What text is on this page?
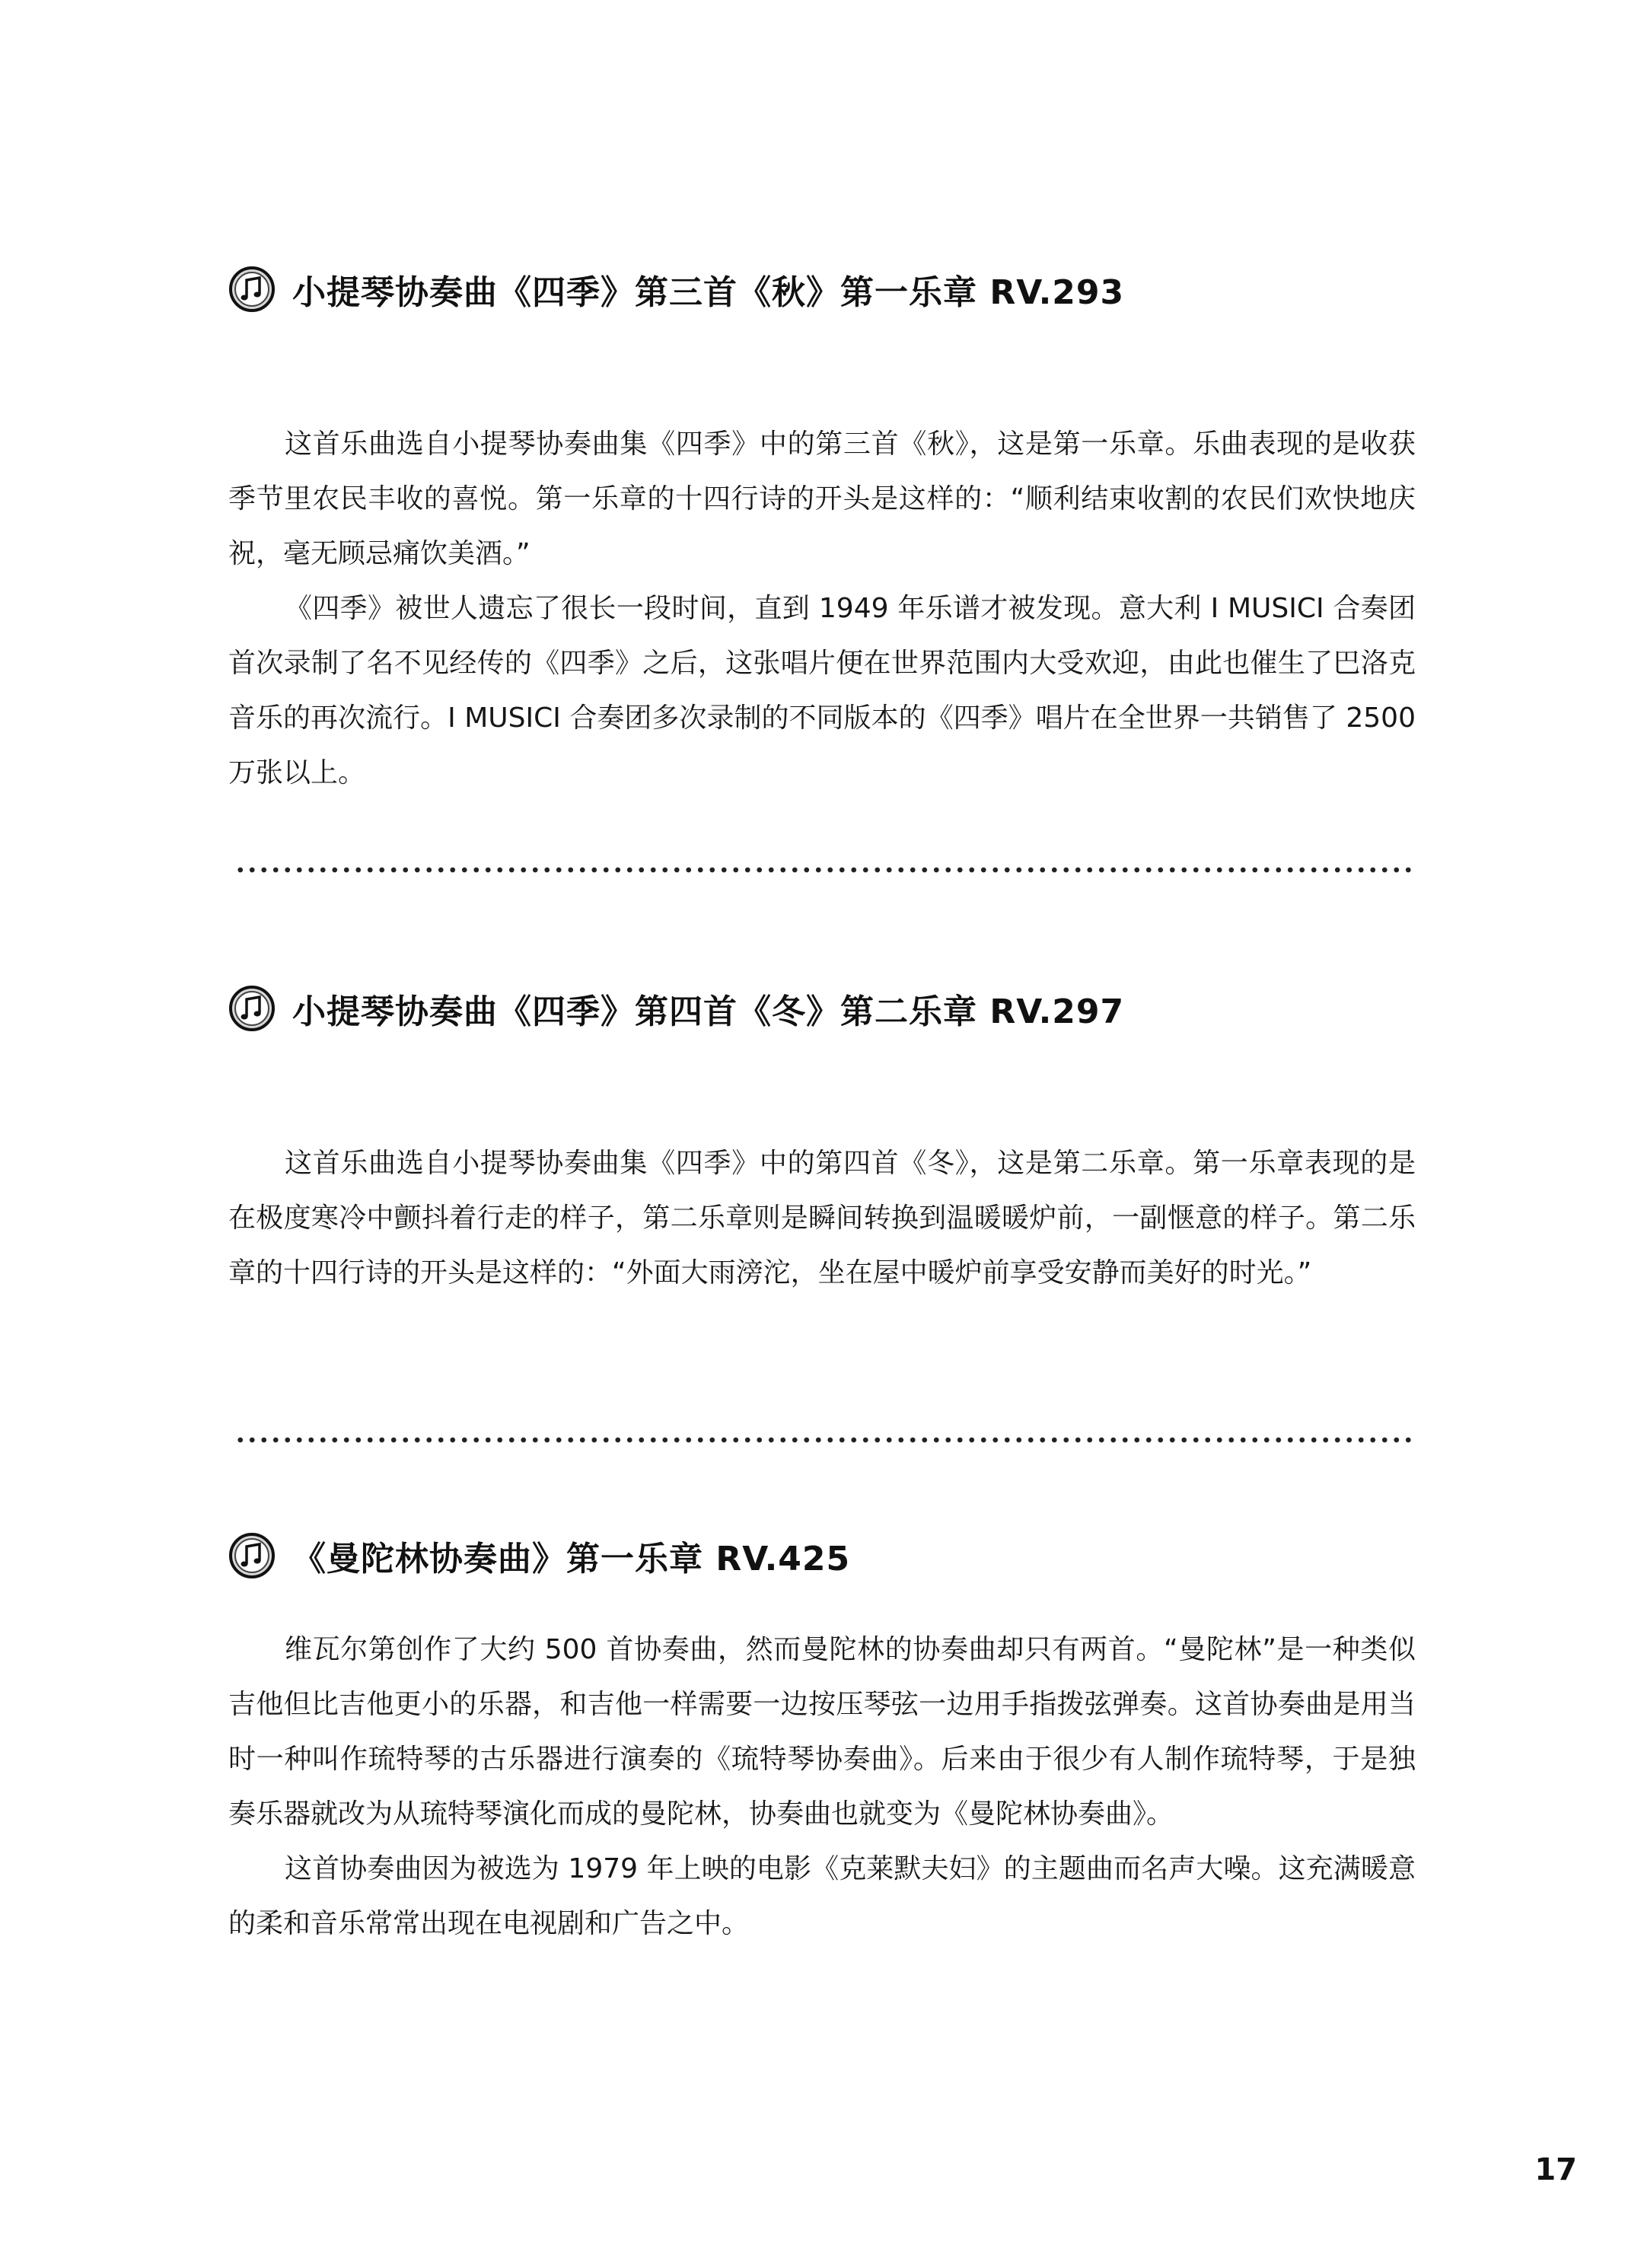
小提琴协奏曲《四季》第三首《秋》第一乐章 RV.293

这首乐曲选自小提琴协奏曲集《四季》中的第三首《秋》，这是第一乐章。乐曲表现的是收获季节里农民丰收的喜悦。第一乐章的十四行诗的开头是这样的：“顺利结束收割的农民们欢快地庆祝，毫无顾忌痛饮美酒。”

《四季》被世人遗忘了很长一段时间，直到 1949 年乐谱才被发现。意大利 I MUSICI 合奏团首次录制了名不见经传的《四季》之后，这张唱片便在世界范围内大受欢迎，由此也催生了巴洛克音乐的再次流行。I MUSICI 合奏团多次录制的不同版本的《四季》唱片在全世界一共销售了 2500 万张以上。

小提琴协奏曲《四季》第四首《冬》第二乐章 RV.297

这首乐曲选自小提琴协奏曲集《四季》中的第四首《冬》，这是第二乐章。第一乐章表现的是在极度寒冷中颤抖着行走的样子，第二乐章则是瞬间转换到温暖暖炉前，一副惬意的样子。第二乐章的十四行诗的开头是这样的：“外面大雨滂沱，坐在屋中暖炉前享受安静而美好的时光。”

《曼陀林协奏曲》第一乐章 RV.425

维瓦尔第创作了大约 500 首协奏曲，然而曼陀林的协奏曲却只有两首。“曼陀林”是一种类似吉他但比吉他更小的乐器，和吉他一样需要一边按压琴弦一边用手指拨弦弹奏。这首协奏曲是用当时一种叫作琉特琴的古乐器进行演奏的《琉特琴协奏曲》。后来由于很少有人制作琉特琴，于是独奏乐器就改为从琉特琴演化而成的曼陀林，协奏曲也就变为《曼陀林协奏曲》。

这首协奏曲因为被选为 1979 年上映的电影《克莱默夫妇》的主题曲而名声大噪。这充满暖意的柔和音乐常常出现在电视剧和广告之中。

17
